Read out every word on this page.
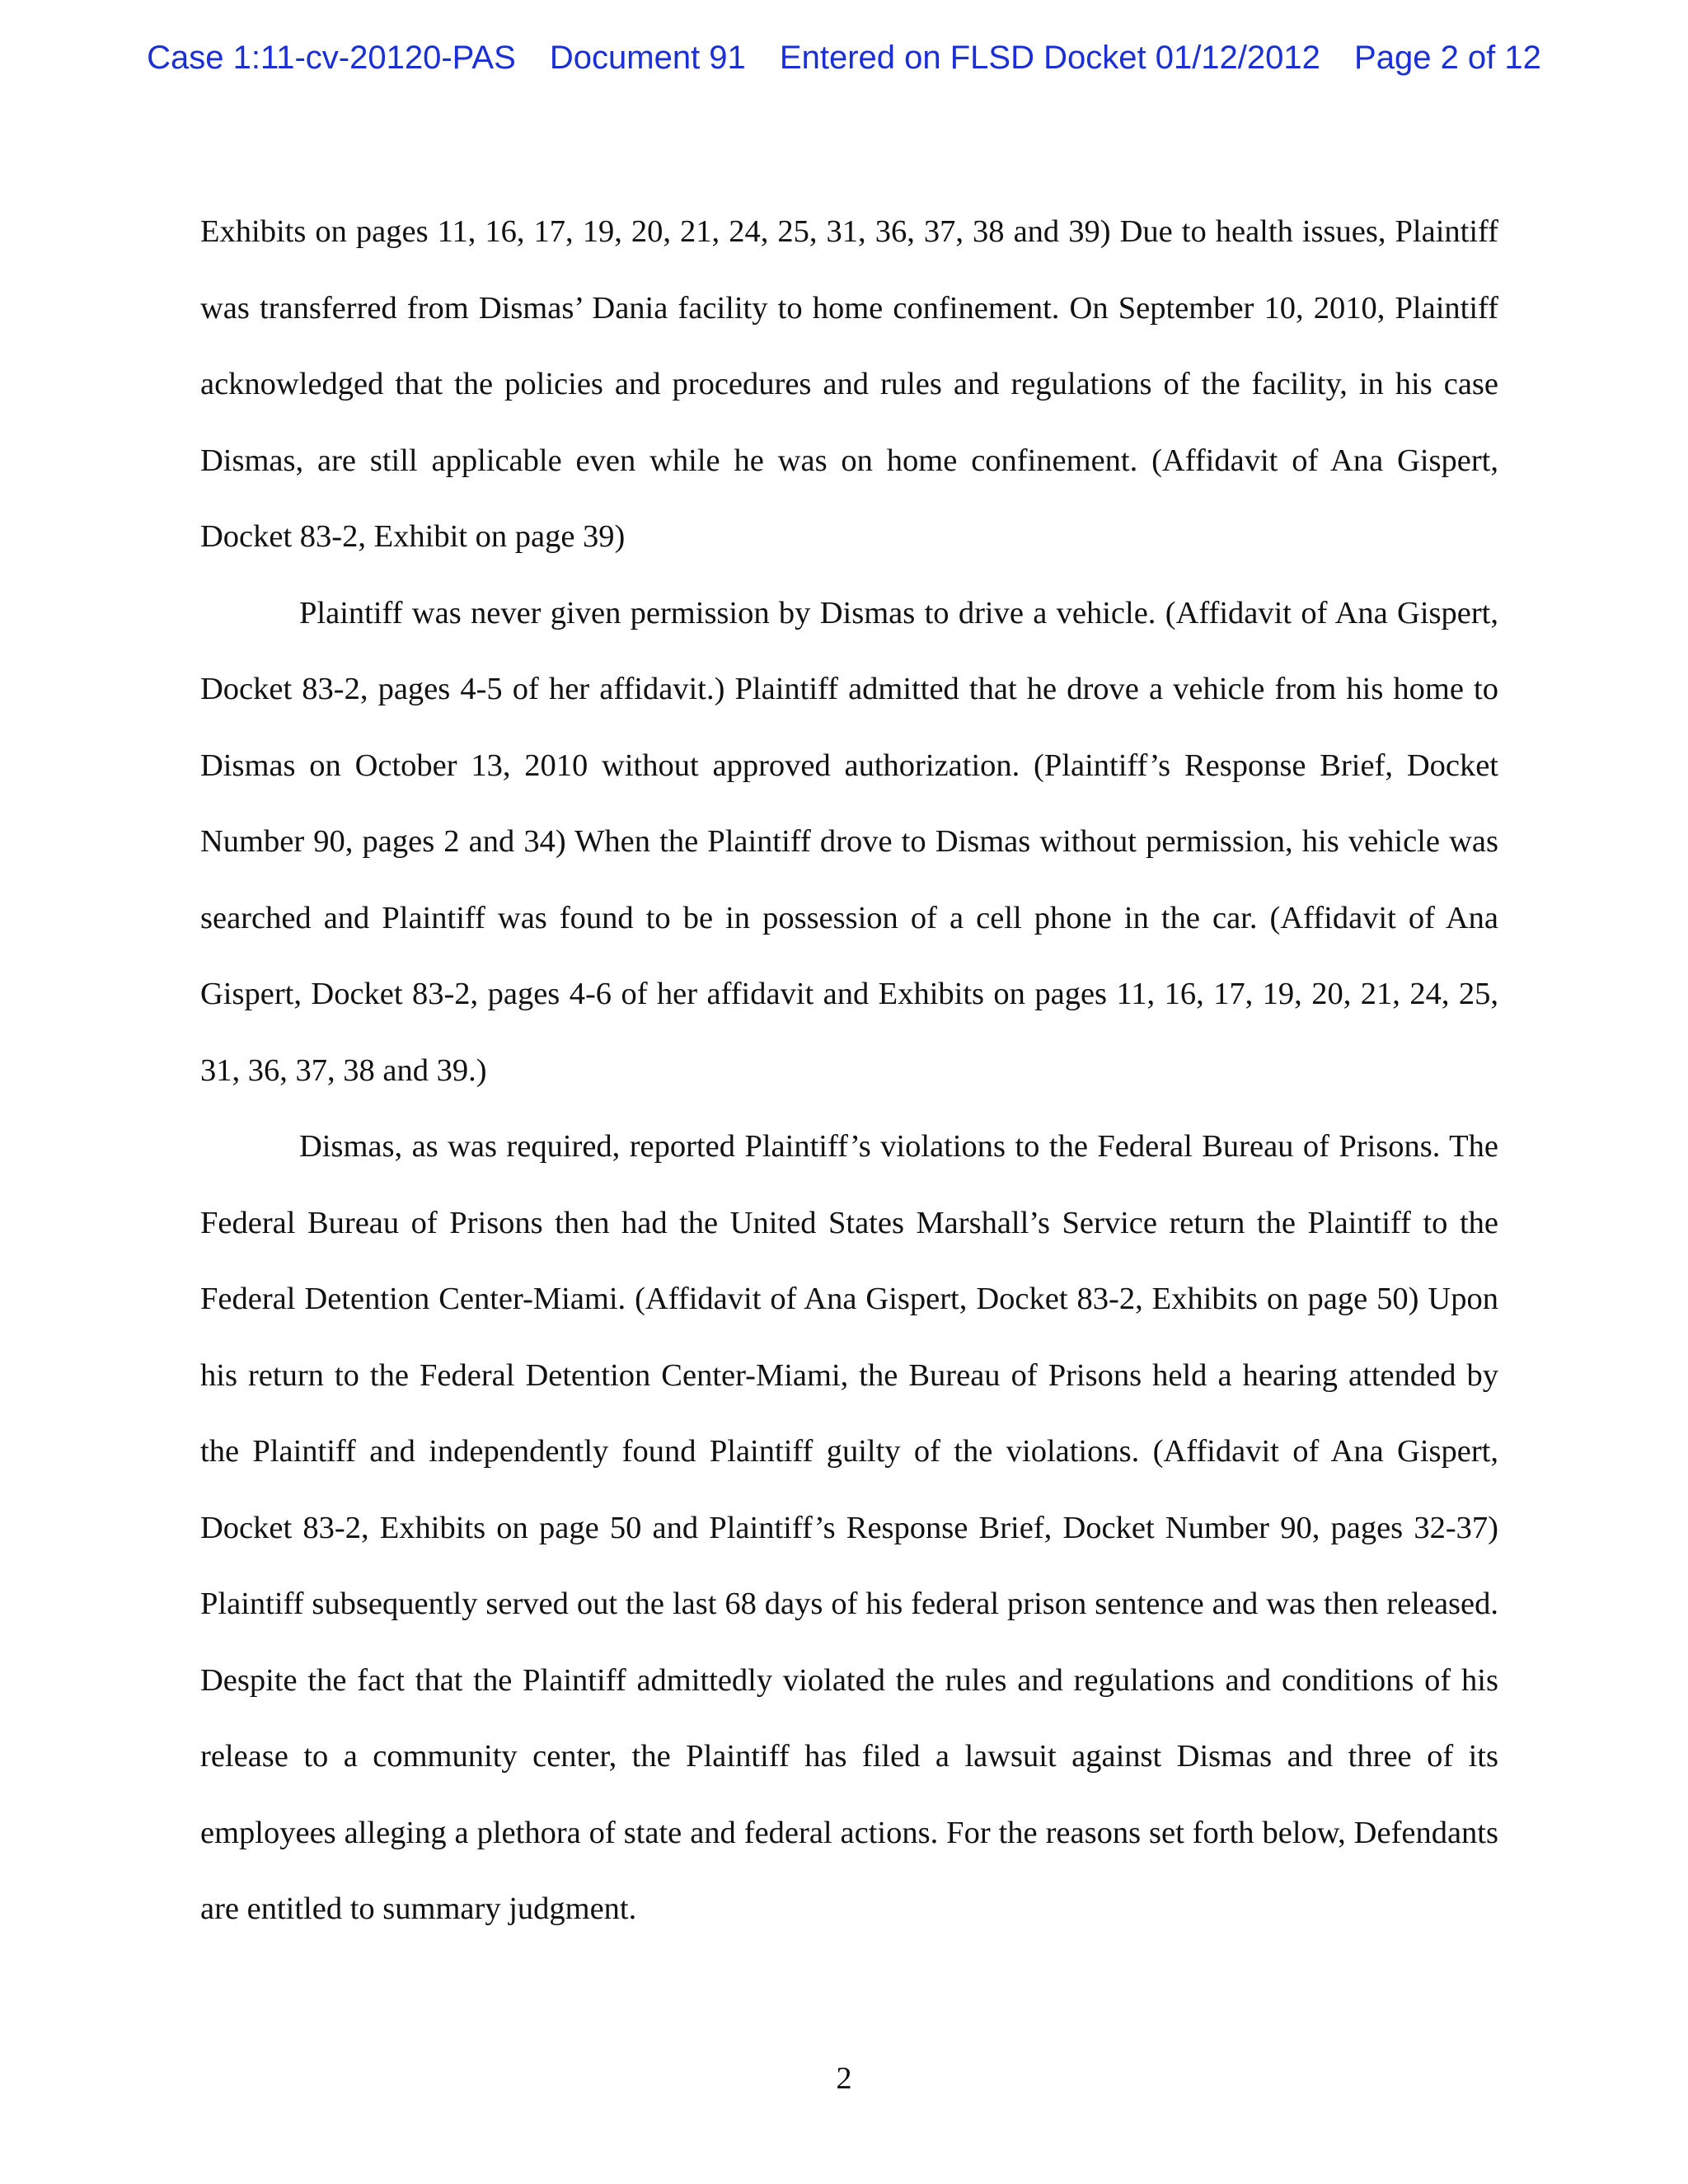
Case 1:11-cv-20120-PAS Document 91 Entered on FLSD Docket 01/12/2012 Page 2 of 12

Exhibits on pages 11, 16, 17, 19, 20, 21, 24, 25, 31, 36, 37, 38 and 39) Due to health issues, Plaintiff was transferred from Dismas’ Dania facility to home confinement. On September 10, 2010, Plaintiff acknowledged that the policies and procedures and rules and regulations of the facility, in his case Dismas, are still applicable even while he was on home confinement. (Affidavit of Ana Gispert, Docket 83-2, Exhibit on page 39)

Plaintiff was never given permission by Dismas to drive a vehicle. (Affidavit of Ana Gispert, Docket 83-2, pages 4-5 of her affidavit.) Plaintiff admitted that he drove a vehicle from his home to Dismas on October 13, 2010 without approved authorization. (Plaintiff’s Response Brief, Docket Number 90, pages 2 and 34) When the Plaintiff drove to Dismas without permission, his vehicle was searched and Plaintiff was found to be in possession of a cell phone in the car. (Affidavit of Ana Gispert, Docket 83-2, pages 4-6 of her affidavit and Exhibits on pages 11, 16, 17, 19, 20, 21, 24, 25, 31, 36, 37, 38 and 39.)

Dismas, as was required, reported Plaintiff’s violations to the Federal Bureau of Prisons. The Federal Bureau of Prisons then had the United States Marshall’s Service return the Plaintiff to the Federal Detention Center-Miami. (Affidavit of Ana Gispert, Docket 83-2, Exhibits on page 50) Upon his return to the Federal Detention Center-Miami, the Bureau of Prisons held a hearing attended by the Plaintiff and independently found Plaintiff guilty of the violations. (Affidavit of Ana Gispert, Docket 83-2, Exhibits on page 50 and Plaintiff’s Response Brief, Docket Number 90, pages 32-37) Plaintiff subsequently served out the last 68 days of his federal prison sentence and was then released. Despite the fact that the Plaintiff admittedly violated the rules and regulations and conditions of his release to a community center, the Plaintiff has filed a lawsuit against Dismas and three of its employees alleging a plethora of state and federal actions. For the reasons set forth below, Defendants are entitled to summary judgment.

2
